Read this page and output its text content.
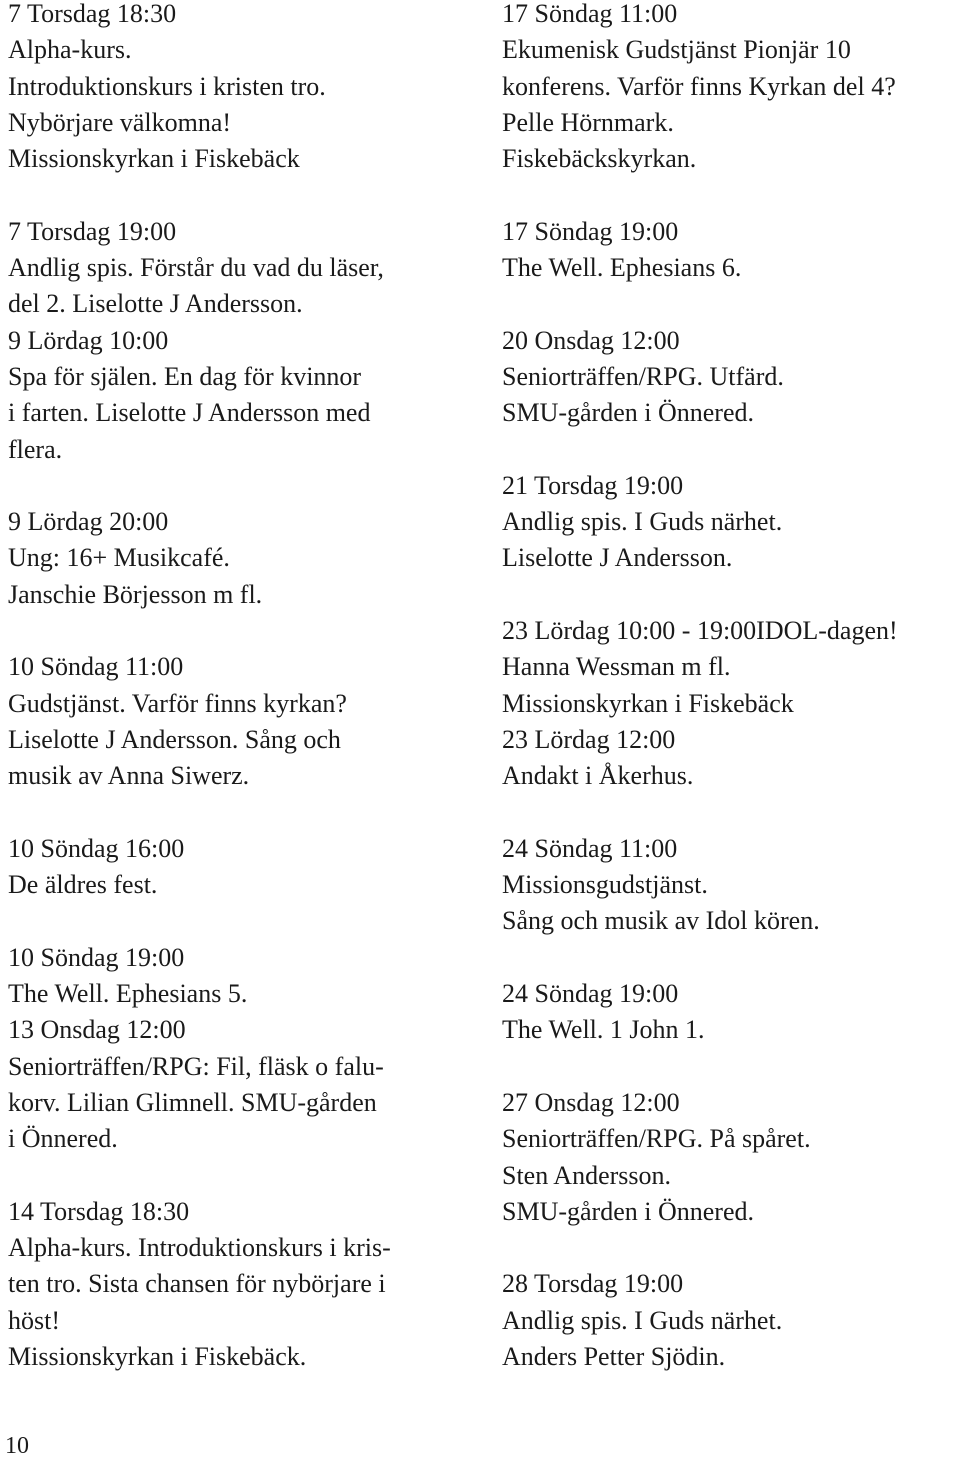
7 Torsdag 18:30
Alpha-kurs.
Introduktionskurs i kristen tro.
Nybörjare välkomna!
Missionskyrkan i Fiskebäck
7 Torsdag 19:00
Andlig spis. Förstår du vad du läser,
del 2. Liselotte J Andersson.
9 Lördag 10:00
Spa för själen. En dag för kvinnor
i farten. Liselotte J Andersson med
flera.
9 Lördag 20:00
Ung: 16+ Musikcafé.
Janschie Börjesson m fl.
10 Söndag 11:00
Gudstjänst. Varför finns kyrkan?
Liselotte J Andersson. Sång och
musik av Anna Siwerz.
10 Söndag 16:00
De äldres fest.
10 Söndag 19:00
The Well. Ephesians 5.
13 Onsdag 12:00
Seniorträffen/RPG: Fil, fläsk o falu-
korv. Lilian Glimnell. SMU-gården
i Önnered.
14 Torsdag 18:30
Alpha-kurs. Introduktionskurs i kris-
ten tro. Sista chansen för nybörjare i
höst!
Missionskyrkan i Fiskebäck.
17 Söndag 11:00
Ekumenisk Gudstjänst Pionjär 10
konferens. Varför finns Kyrkan del 4?
Pelle Hörnmark.
Fiskebäckskyrkan.
17 Söndag 19:00
The Well. Ephesians 6.
20 Onsdag 12:00
Seniorträffen/RPG. Utfärd.
SMU-gården i Önnered.
21 Torsdag 19:00
Andlig spis. I Guds närhet.
Liselotte J Andersson.
23 Lördag 10:00 - 19:00IDOL-dagen!
Hanna Wessman m fl.
Missionskyrkan i Fiskebäck
23 Lördag 12:00
Andakt i Åkerhus.
24 Söndag 11:00
Missionsgudstjänst.
Sång och musik av Idol kören.
24 Söndag 19:00
The Well. 1 John 1.
27 Onsdag 12:00
Seniorträffen/RPG. På spåret.
Sten Andersson.
SMU-gården i Önnered.
28 Torsdag 19:00
Andlig spis. I Guds närhet.
Anders Petter Sjödin.
10
